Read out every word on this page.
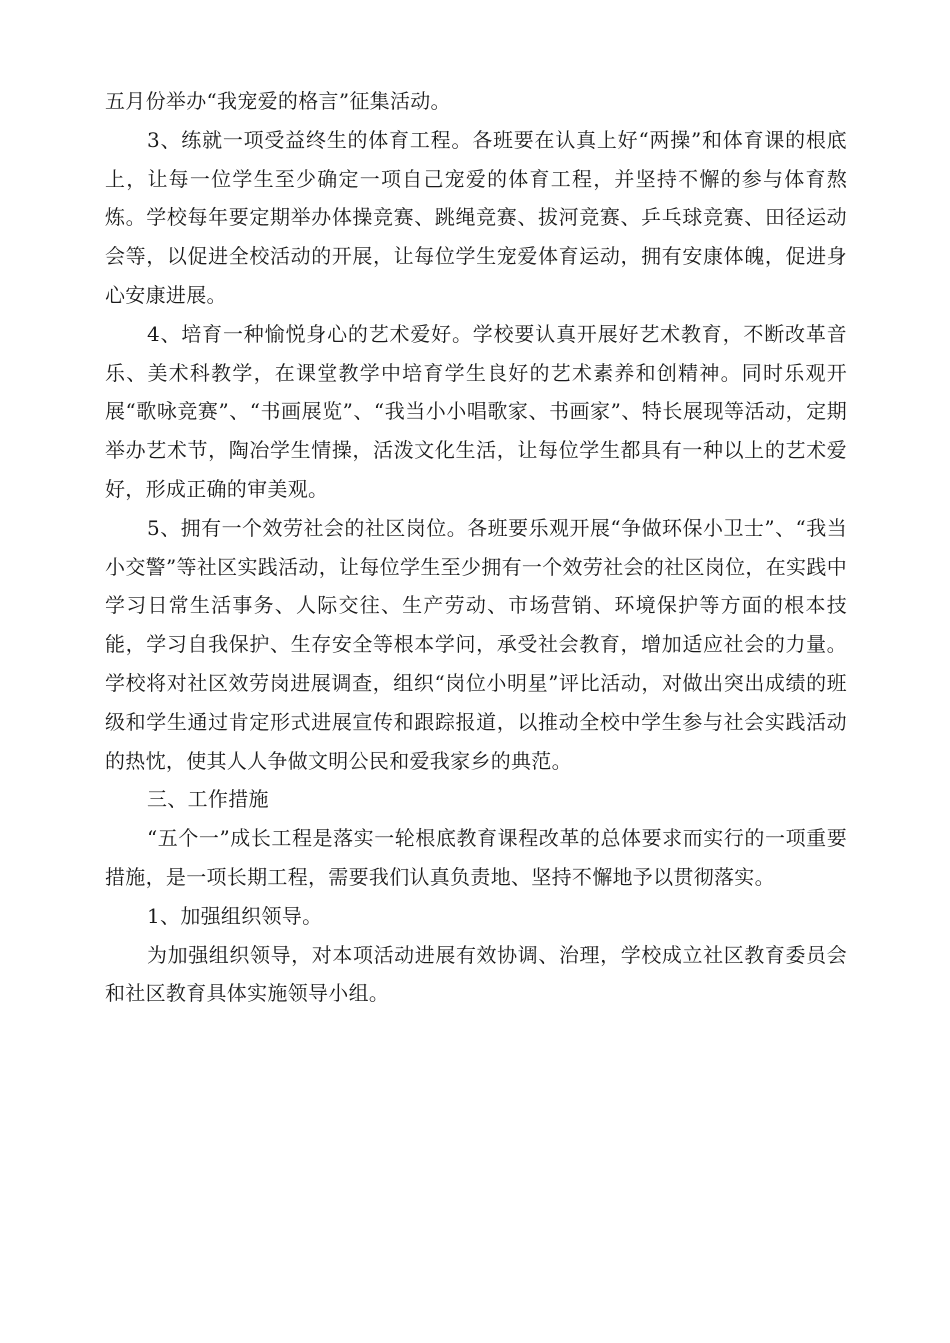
五月份举办“我宠爱的格言”征集活动。

3、练就一项受益终生的体育工程。各班要在认真上好“两操”和体育课的根底上，让每一位学生至少确定一项自己宠爱的体育工程，并坚持不懈的参与体育熬炼。学校每年要定期举办体操竞赛、跳绳竞赛、拔河竞赛、乒乓球竞赛、田径运动会等，以促进全校活动的开展，让每位学生宠爱体育运动，拥有安康体魄，促进身心安康进展。

4、培育一种愉悦身心的艺术爱好。学校要认真开展好艺术教育，不断改革音乐、美术科教学，在课堂教学中培育学生良好的艺术素养和创精神。同时乐观开展“歌咏竞赛”、“书画展览”、“我当小小唱歌家、书画家”、特长展现等活动，定期举办艺术节，陶冶学生情操，活泼文化生活，让每位学生都具有一种以上的艺术爱好，形成正确的审美观。

5、拥有一个效劳社会的社区岗位。各班要乐观开展“争做环保小卫士”、“我当小交警”等社区实践活动，让每位学生至少拥有一个效劳社会的社区岗位，在实践中学习日常生活事务、人际交往、生产劳动、市场营销、环境保护等方面的根本技能，学习自我保护、生存安全等根本学问，承受社会教育，增加适应社会的力量。学校将对社区效劳岗进展调查，组织“岗位小明星”评比活动，对做出突出成绩的班级和学生通过肯定形式进展宣传和跟踪报道，以推动全校中学生参与社会实践活动的热忱，使其人人争做文明公民和爱我家乡的典范。

三、工作措施

“五个一”成长工程是落实一轮根底教育课程改革的总体要求而实行的一项重要措施，是一项长期工程，需要我们认真负责地、坚持不懈地予以贯彻落实。

1、加强组织领导。

为加强组织领导，对本项活动进展有效协调、治理，学校成立社区教育委员会和社区教育具体实施领导小组。
